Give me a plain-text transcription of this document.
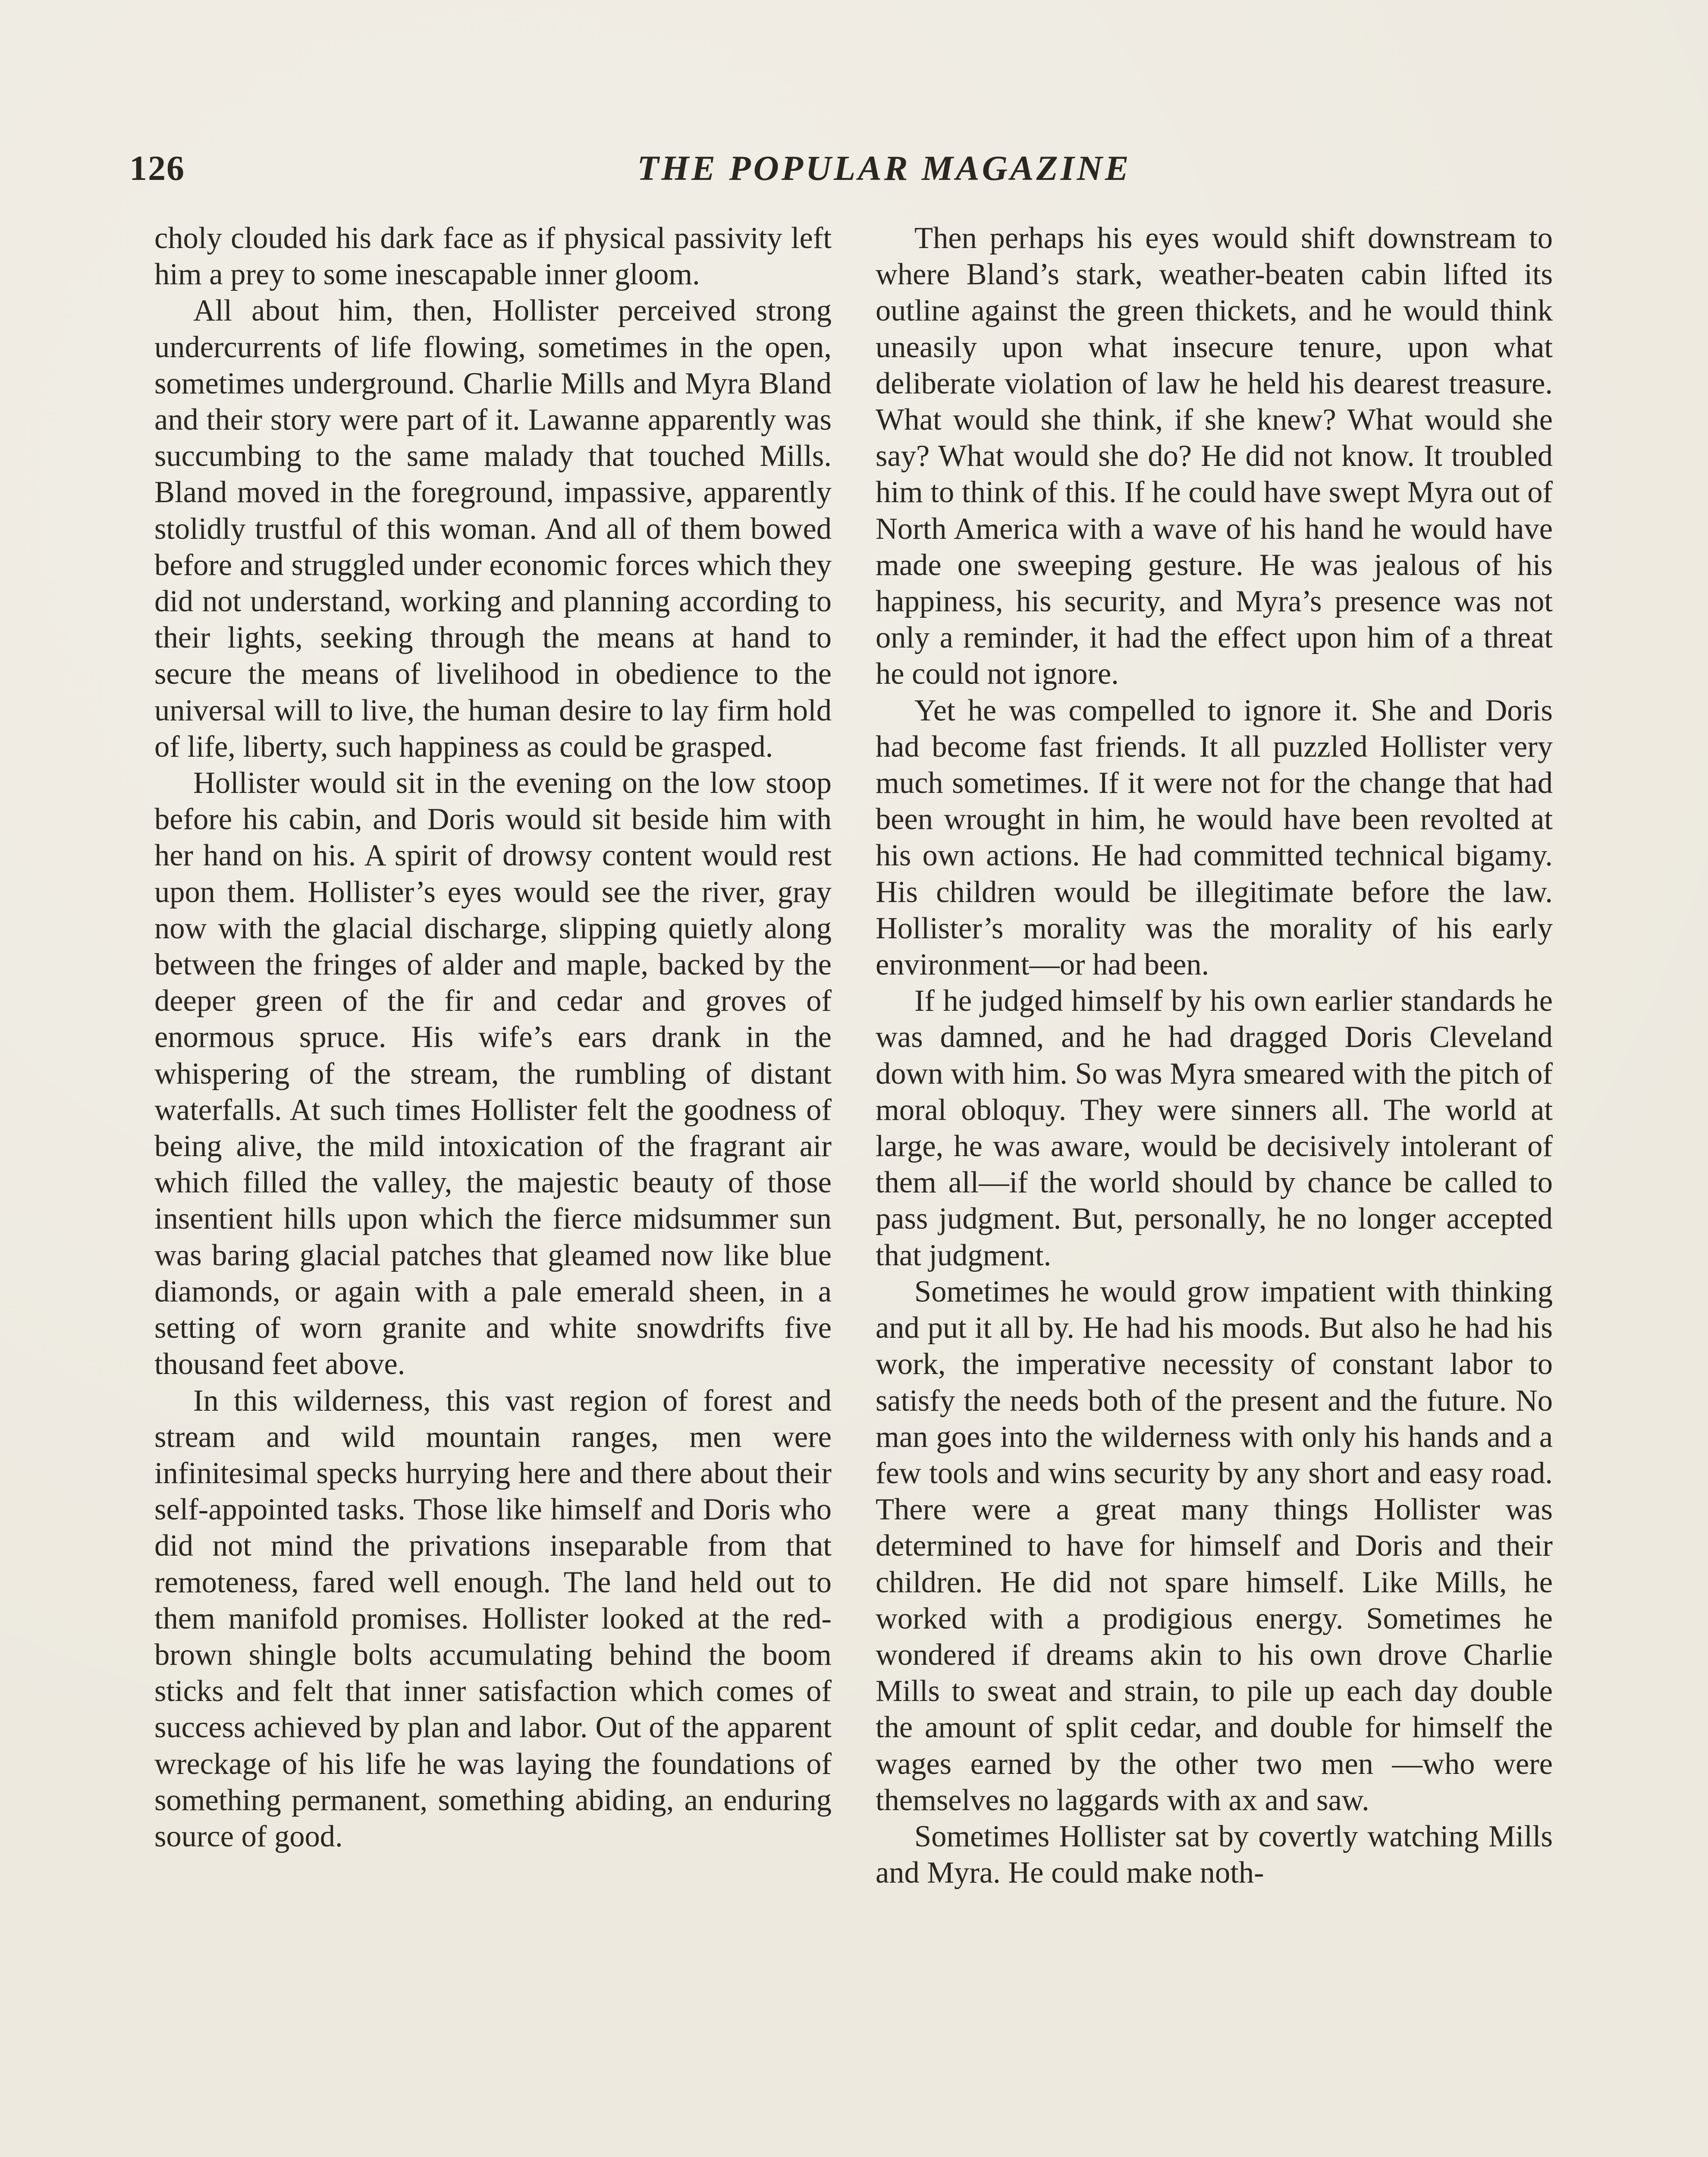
126	THE POPULAR MAGAZINE

choly clouded his dark face as if physical passivity left him a prey to some inescapable inner gloom.

All about him, then, Hollister perceived strong undercurrents of life flowing, sometimes in the open, sometimes underground. Charlie Mills and Myra Bland and their story were part of it. Lawanne apparently was succumbing to the same malady that touched Mills. Bland moved in the foreground, impassive, apparently stolidly trustful of this woman. And all of them bowed before and struggled under economic forces which they did not understand, working and planning according to their lights, seeking through the means at hand to secure the means of livelihood in obedience to the universal will to live, the human desire to lay firm hold of life, liberty, such happiness as could be grasped.

Hollister would sit in the evening on the low stoop before his cabin, and Doris would sit beside him with her hand on his. A spirit of drowsy content would rest upon them. Hollister’s eyes would see the river, gray now with the glacial discharge, slipping quietly along between the fringes of alder and maple, backed by the deeper green of the fir and cedar and groves of enormous spruce. His wife’s ears drank in the whispering of the stream, the rumbling of distant waterfalls. At such times Hollister felt the goodness of being alive, the mild intoxication of the fragrant air which filled the valley, the majestic beauty of those insentient hills upon which the fierce midsummer sun was baring glacial patches that gleamed now like blue diamonds, or again with a pale emerald sheen, in a setting of worn granite and white snowdrifts five thousand feet above.

In this wilderness, this vast region of forest and stream and wild mountain ranges, men were infinitesimal specks hurrying here and there about their self-appointed tasks. Those like himself and Doris who did not mind the privations inseparable from that remoteness, fared well enough. The land held out to them manifold promises. Hollister looked at the red-brown shingle bolts accumulating behind the boom sticks and felt that inner satisfaction which comes of success achieved by plan and labor. Out of the apparent wreckage of his life he was laying the foundations of something permanent, something abiding, an enduring source of good.

Then perhaps his eyes would shift downstream to where Bland’s stark, weather-beaten cabin lifted its outline against the green thickets, and he would think uneasily upon what insecure tenure, upon what deliberate violation of law he held his dearest treasure. What would she think, if she knew? What would she say? What would she do? He did not know. It troubled him to think of this. If he could have swept Myra out of North America with a wave of his hand he would have made one sweeping gesture. He was jealous of his happiness, his security, and Myra’s presence was not only a reminder, it had the effect upon him of a threat he could not ignore.

Yet he was compelled to ignore it. She and Doris had become fast friends. It all puzzled Hollister very much sometimes. If it were not for the change that had been wrought in him, he would have been revolted at his own actions. He had committed technical bigamy. His children would be illegitimate before the law. Hollister’s morality was the morality of his early environment—or had been.

If he judged himself by his own earlier standards he was damned, and he had dragged Doris Cleveland down with him. So was Myra smeared with the pitch of moral obloquy. They were sinners all. The world at large, he was aware, would be decisively intolerant of them all—if the world should by chance be called to pass judgment. But, personally, he no longer accepted that judgment.

Sometimes he would grow impatient with thinking and put it all by. He had his moods. But also he had his work, the imperative necessity of constant labor to satisfy the needs both of the present and the future. No man goes into the wilderness with only his hands and a few tools and wins security by any short and easy road. There were a great many things Hollister was determined to have for himself and Doris and their children. He did not spare himself. Like Mills, he worked with a prodigious energy. Sometimes he wondered if dreams akin to his own drove Charlie Mills to sweat and strain, to pile up each day double the amount of split cedar, and double for himself the wages earned by the other two men —who were themselves no laggards with ax and saw.

Sometimes Hollister sat by covertly watching Mills and Myra. He could make noth-
